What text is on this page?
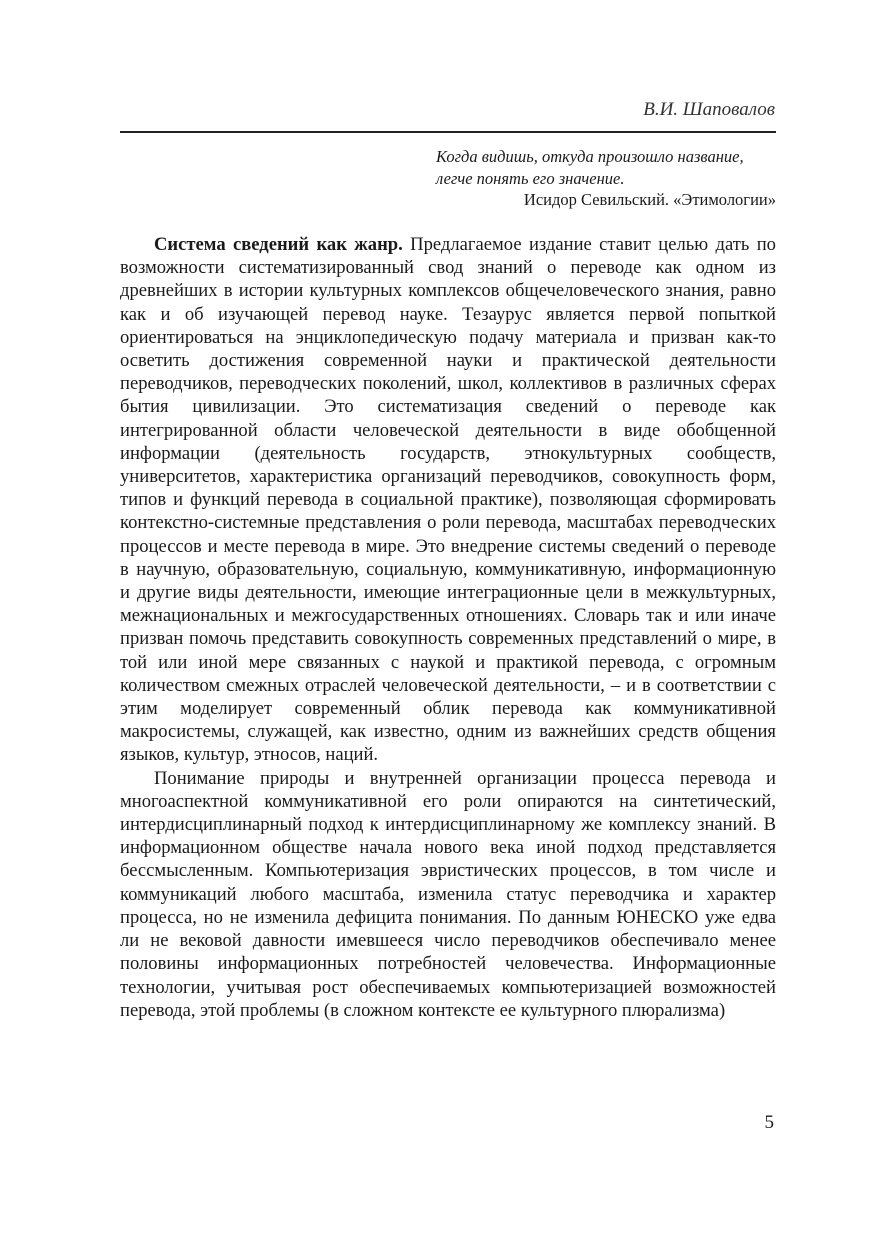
В.И. Шаповалов
Когда видишь, откуда произошло название,
легче понять его значение.
Исидор Севильский. «Этимологии»

Система сведений как жанр. Предлагаемое издание ставит целью дать по возможности систематизированный свод знаний о переводе как одном из древнейших в истории культурных комплексов общечеловеческого знания, равно как и об изучающей перевод науке. Тезаурус является первой попыткой ориентироваться на энциклопедическую подачу материала и призван как-то осветить достижения современной науки и практической деятельности переводчиков, переводческих поколений, школ, коллективов в различных сферах бытия цивилизации. Это систематизация сведений о переводе как интегрированной области человеческой деятельности в виде обобщенной информации (деятельность государств, этнокультурных сообществ, университетов, характеристика организаций переводчиков, совокупность форм, типов и функций перевода в социальной практике), позволяющая сформировать контекстно-системные представления о роли перевода, масштабах переводческих процессов и месте перевода в мире. Это внедрение системы сведений о переводе в научную, образовательную, социальную, коммуникативную, информационную и другие виды деятельности, имеющие интеграционные цели в межкультурных, межнациональных и межгосударственных отношениях. Словарь так и или иначе призван помочь представить совокупность современных представлений о мире, в той или иной мере связанных с наукой и практикой перевода, с огромным количеством смежных отраслей человеческой деятельности, – и в соответствии с этим моделирует современный облик перевода как коммуникативной макросистемы, служащей, как известно, одним из важнейших средств общения языков, культур, этносов, наций.

Понимание природы и внутренней организации процесса перевода и многоаспектной коммуникативной его роли опираются на синтетический, интердисциплинарный подход к интердисциплинарному же комплексу знаний. В информационном обществе начала нового века иной подход представляется бессмысленным. Компьютеризация эвристических процессов, в том числе и коммуникаций любого масштаба, изменила статус переводчика и характер процесса, но не изменила дефицита понимания. По данным ЮНЕСКО уже едва ли не вековой давности имевшееся число переводчиков обеспечивало менее половины информационных потребностей человечества. Информационные технологии, учитывая рост обеспечиваемых компьютеризацией возможностей перевода, этой проблемы (в сложном контексте ее культурного плюрализма)

5
